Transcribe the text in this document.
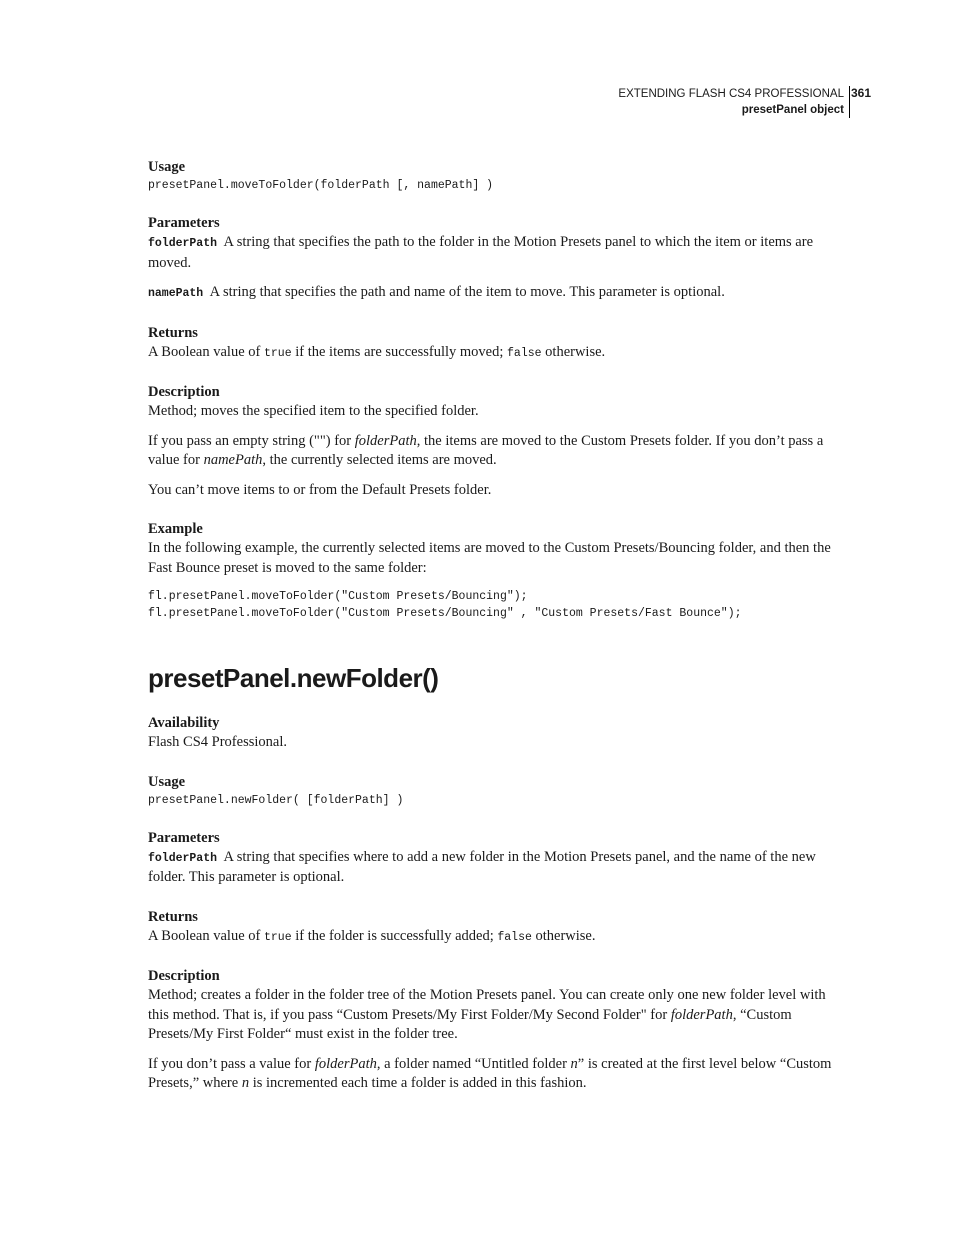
EXTENDING FLASH CS4 PROFESSIONAL
presetPanel object
361

Usage

presetPanel.moveToFolder(folderPath [, namePath] )

Parameters

folderPath A string that specifies the path to the folder in the Motion Presets panel to which the item or items are moved.

namePath A string that specifies the path and name of the item to move. This parameter is optional.

Returns

A Boolean value of true if the items are successfully moved; false otherwise.

Description

Method; moves the specified item to the specified folder.

If you pass an empty string ("") for folderPath, the items are moved to the Custom Presets folder. If you don’t pass a value for namePath, the currently selected items are moved.

You can’t move items to or from the Default Presets folder.

Example

In the following example, the currently selected items are moved to the Custom Presets/Bouncing folder, and then the Fast Bounce preset is moved to the same folder:

fl.presetPanel.moveToFolder("Custom Presets/Bouncing");

fl.presetPanel.moveToFolder("Custom Presets/Bouncing" , "Custom Presets/Fast Bounce");

presetPanel.newFolder()

Availability

Flash CS4 Professional.

Usage

presetPanel.newFolder( [folderPath] )

Parameters

folderPath A string that specifies where to add a new folder in the Motion Presets panel, and the name of the new folder. This parameter is optional.

Returns

A Boolean value of true if the folder is successfully added; false otherwise.

Description

Method; creates a folder in the folder tree of the Motion Presets panel. You can create only one new folder level with this method. That is, if you pass “Custom Presets/My First Folder/My Second Folder" for folderPath, “Custom Presets/My First Folder“ must exist in the folder tree.

If you don’t pass a value for folderPath, a folder named “Untitled folder n” is created at the first level below “Custom Presets,” where n is incremented each time a folder is added in this fashion.
